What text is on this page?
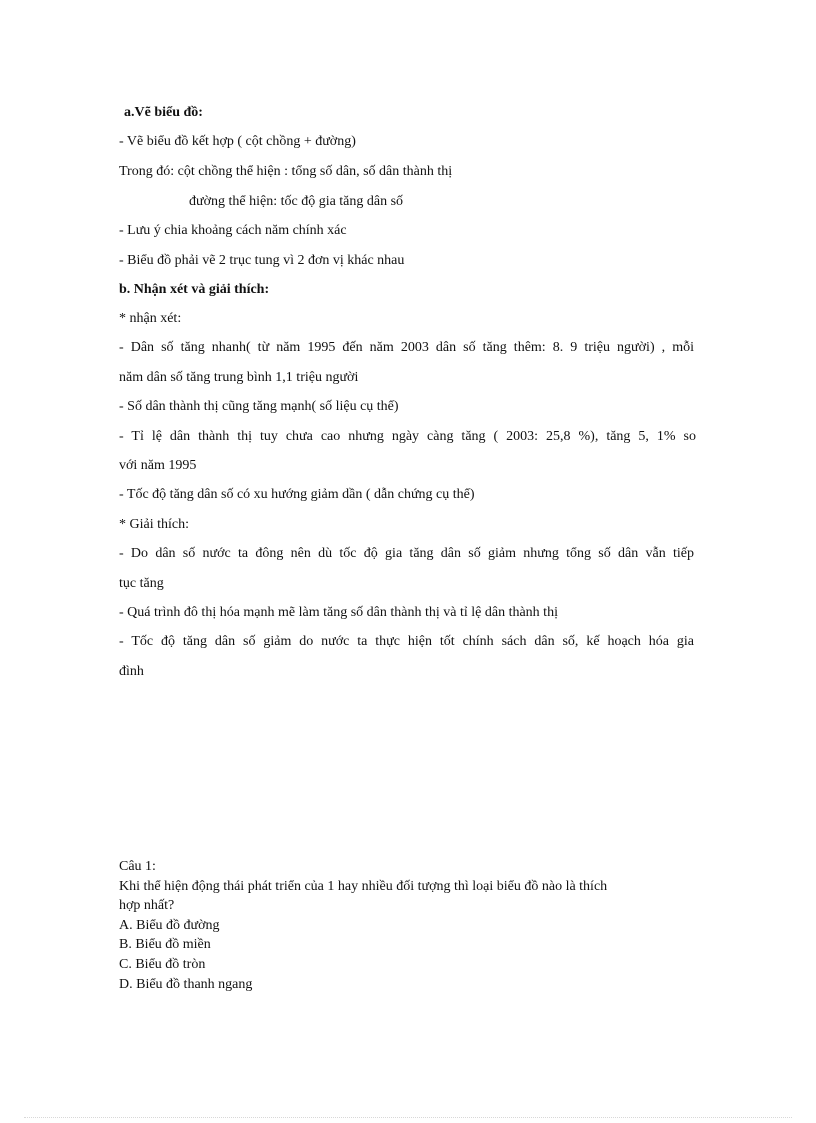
a.Vẽ biểu đồ:
- Vẽ biểu đồ kết hợp ( cột chồng + đường)
Trong đó: cột chồng thể hiện : tổng số dân, số dân thành thị
đường thể hiện: tốc độ gia tăng dân số
- Lưu ý chia khoảng cách năm chính xác
- Biểu đồ phải vẽ 2 trục tung vì 2 đơn vị khác nhau
b. Nhận xét và giải thích:
* nhận xét:
- Dân số tăng nhanh( từ năm 1995 đến năm 2003 dân số tăng thêm: 8. 9 triệu người) , mỗi
năm dân số tăng trung bình 1,1 triệu người
- Số dân thành thị cũng tăng mạnh( số liệu cụ thể)
- Tỉ lệ dân thành thị tuy chưa cao nhưng ngày càng tăng ( 2003: 25,8 %), tăng 5, 1% so
với năm 1995
- Tốc độ tăng dân số có xu hướng giảm dần ( dẫn chứng cụ thể)
* Giải thích:
- Do dân số nước ta đông nên dù tốc độ gia tăng dân số giảm nhưng tổng số dân vẫn tiếp
tục tăng
- Quá trình đô thị hóa mạnh mẽ làm tăng số dân thành thị và tỉ lệ dân thành thị
- Tốc độ tăng dân số giảm do nước ta thực hiện tốt chính sách dân số, kế hoạch hóa gia
đình
Câu 1:
Khi thể hiện động thái phát triển của 1 hay nhiều đối tượng thì loại biểu đồ nào là thích
hợp nhất?
A. Biểu đồ đường
B. Biểu đồ miền
C. Biểu đồ tròn
D. Biểu đồ thanh ngang
